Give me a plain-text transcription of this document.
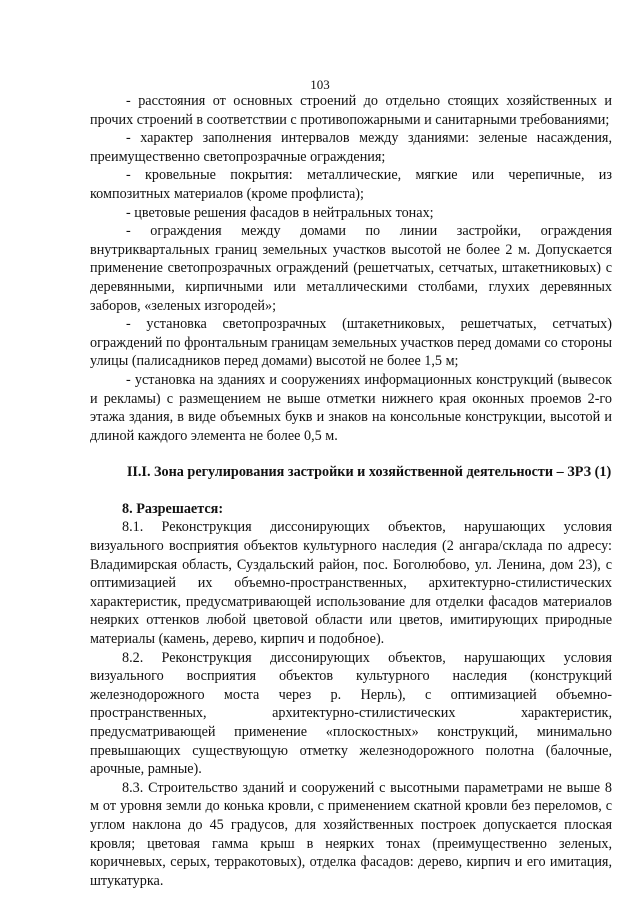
103

- расстояния от основных строений до отдельно стоящих хозяйственных и прочих строений в соответствии с противопожарными и санитарными требованиями;

- характер заполнения интервалов между зданиями: зеленые насаждения, преимущественно светопрозрачные ограждения;

- кровельные покрытия: металлические, мягкие или черепичные, из композитных материалов (кроме профлиста);

- цветовые решения фасадов в нейтральных тонах;

- ограждения между домами по линии застройки, ограждения внутриквартальных границ земельных участков высотой не более 2 м. Допускается применение светопрозрачных ограждений (решетчатых, сетчатых, штакетниковых) с деревянными, кирпичными или металлическими столбами, глухих деревянных заборов, «зеленых изгородей»;

- установка светопрозрачных (штакетниковых, решетчатых, сетчатых) ограждений по фронтальным границам земельных участков перед домами со стороны улицы (палисадников перед домами) высотой не более 1,5 м;

- установка на зданиях и сооружениях информационных конструкций (вывесок и рекламы) с размещением не выше отметки нижнего края оконных проемов 2-го этажа здания, в виде объемных букв и знаков на консольные конструкции, высотой и длиной каждого элемента не более 0,5 м.

II.I. Зона регулирования застройки и хозяйственной деятельности – ЗРЗ (1)

8. Разрешается:

8.1. Реконструкция диссонирующих объектов, нарушающих условия визуального восприятия объектов культурного наследия (2 ангара/склада по адресу: Владимирская область, Суздальский район, пос. Боголюбово, ул. Ленина, дом 23), с оптимизацией их объемно-пространственных, архитектурно-стилистических характеристик, предусматривающей использование для отделки фасадов материалов неярких оттенков любой цветовой области или цветов, имитирующих природные материалы (камень, дерево, кирпич и подобное).

8.2. Реконструкция диссонирующих объектов, нарушающих условия визуального восприятия объектов культурного наследия (конструкций железнодорожного моста через р. Нерль), с оптимизацией объемно-пространственных, архитектурно-стилистических характеристик, предусматривающей применение «плоскостных» конструкций, минимально превышающих существующую отметку железнодорожного полотна (балочные, арочные, рамные).

8.3. Строительство зданий и сооружений с высотными параметрами не выше 8 м от уровня земли до конька кровли, с применением скатной кровли без переломов, с углом наклона до 45 градусов, для хозяйственных построек допускается плоская кровля; цветовая гамма крыш в неярких тонах (преимущественно зеленых, коричневых, серых, терракотовых), отделка фасадов: дерево, кирпич и его имитация, штукатурка.
